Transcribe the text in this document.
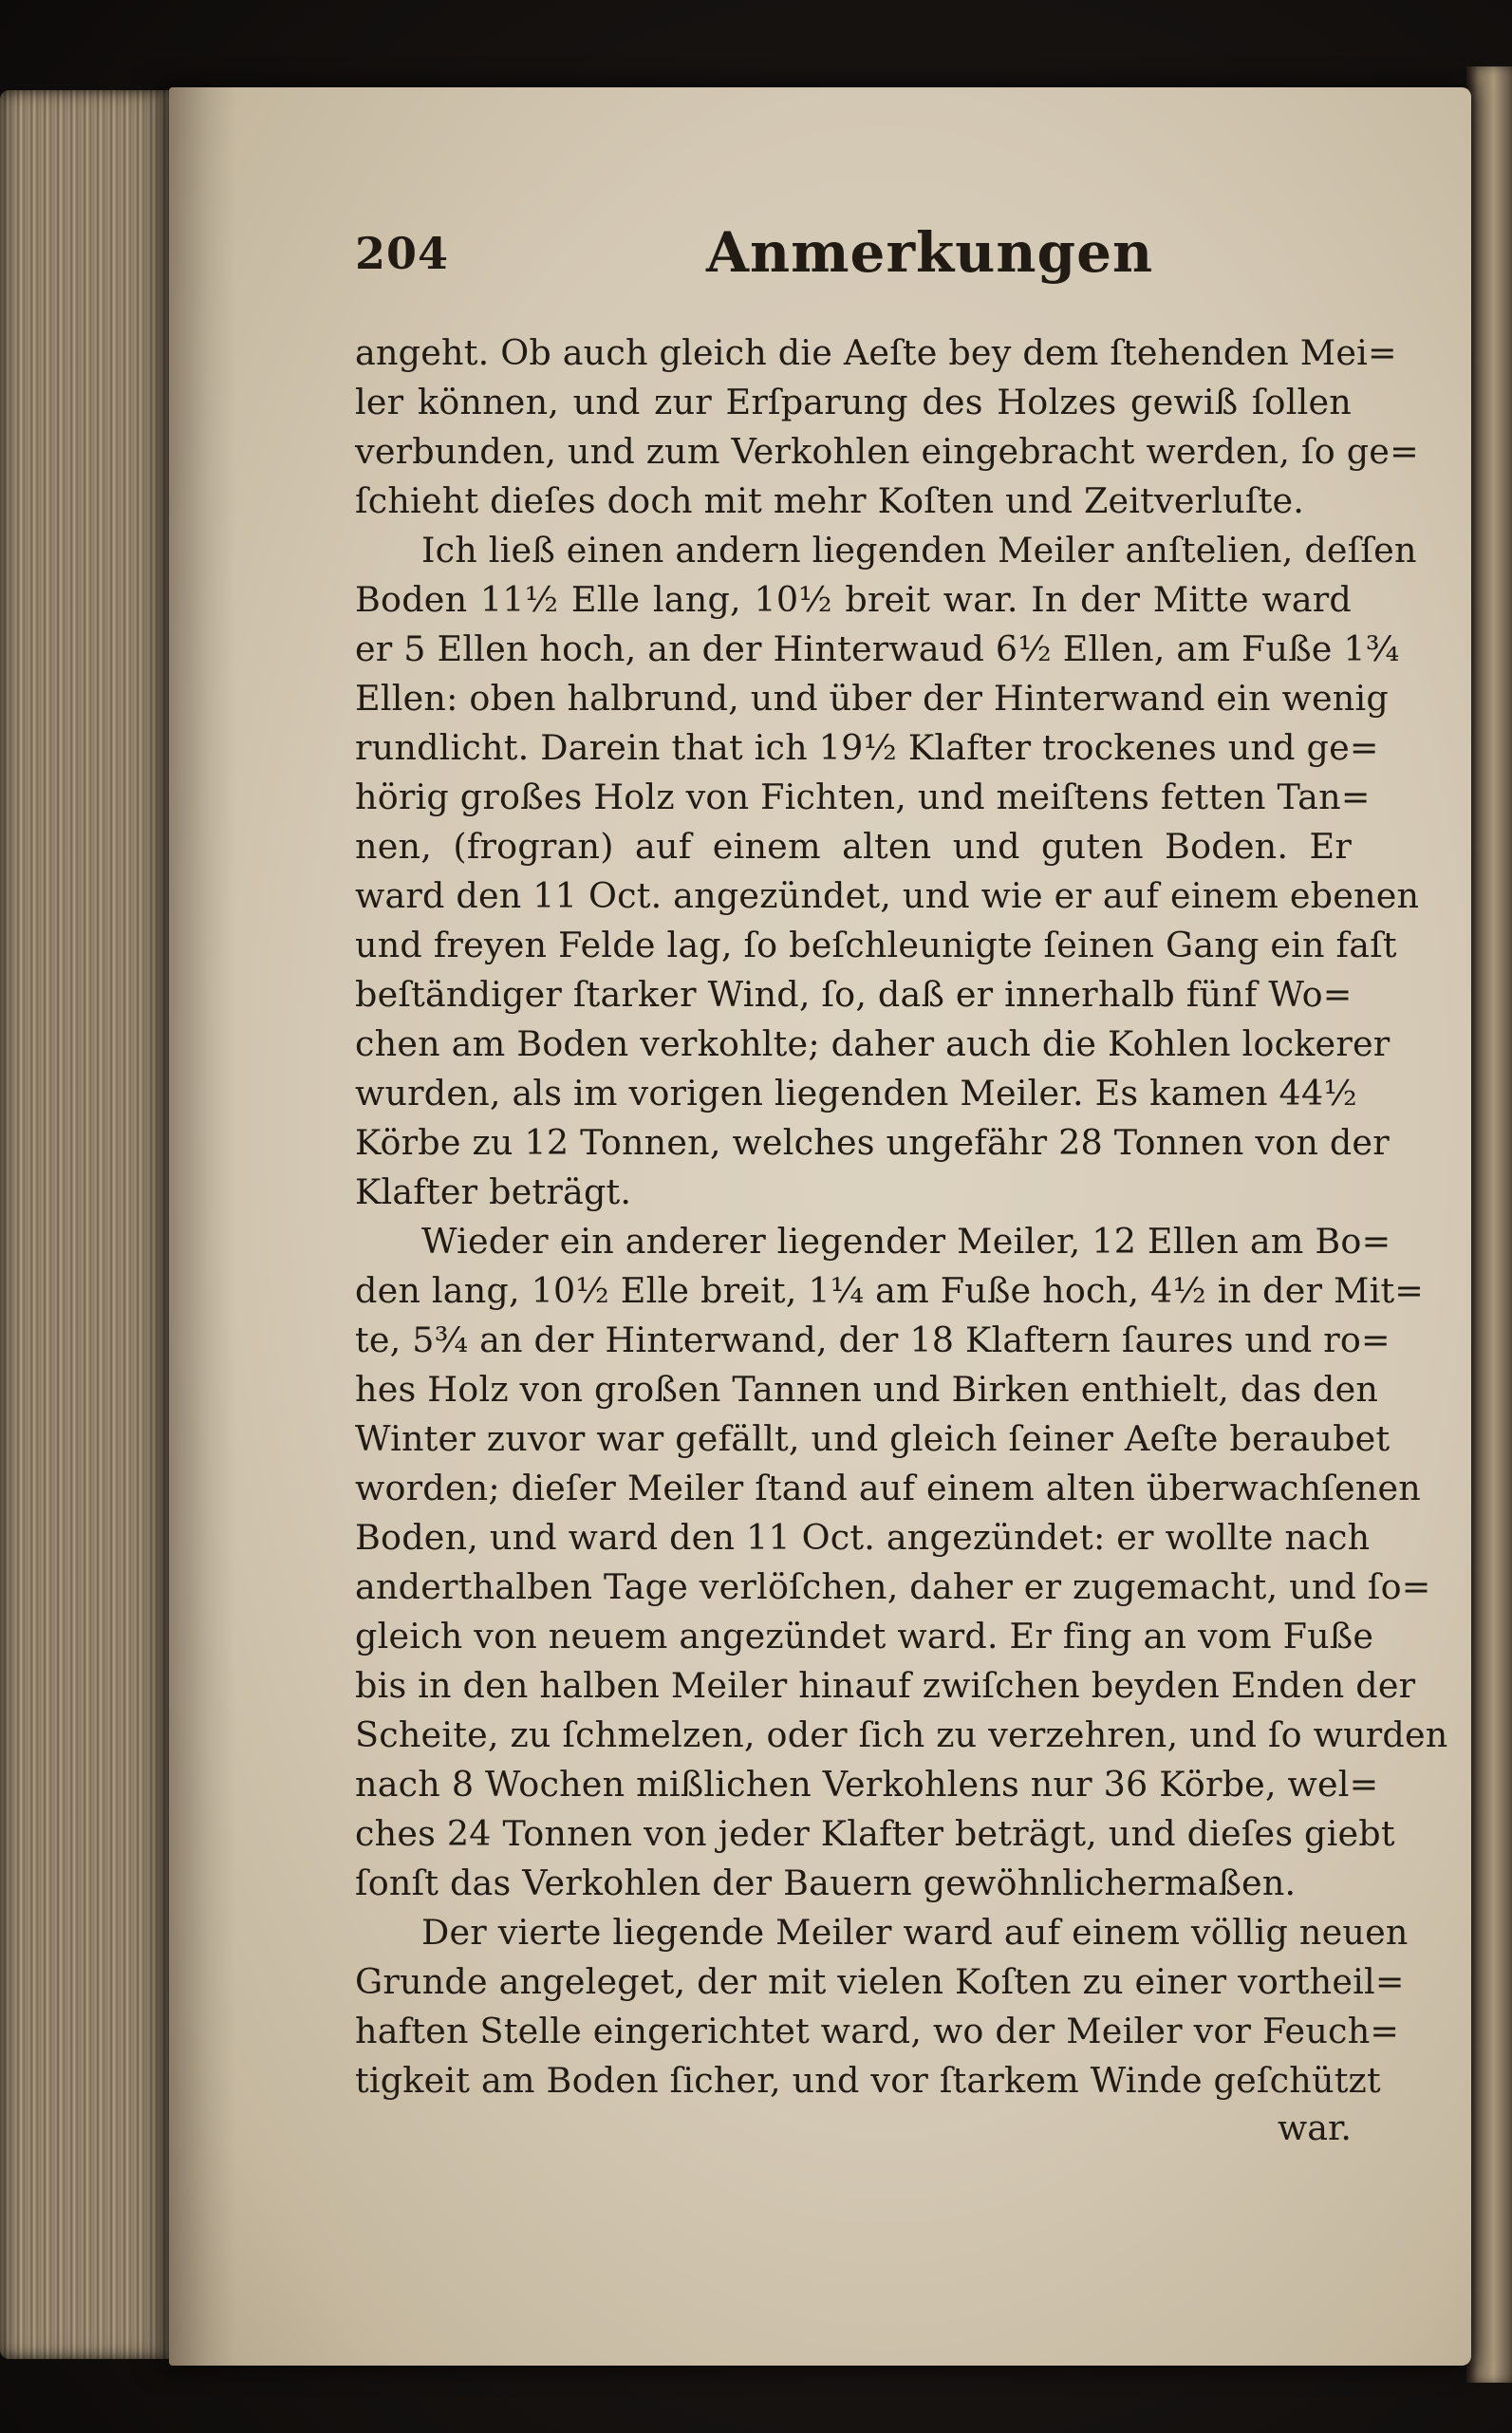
204	Anmerkungen
angeht. Ob auch gleich die Aeſte bey dem ſtehenden Mei=
ler können, und zur Erſparung des Holzes gewiß ſollen
verbunden, und zum Verkohlen eingebracht werden, ſo ge=
ſchieht dieſes doch mit mehr Koſten und Zeitverluſte.
Ich ließ einen andern liegenden Meiler anſtelien, deſſen
Boden 11½ Elle lang, 10½ breit war. In der Mitte ward
er 5 Ellen hoch, an der Hinterwaud 6½ Ellen, am Fuße 1¾
Ellen: oben halbrund, und über der Hinterwand ein wenig
rundlicht. Darein that ich 19½ Klafter trockenes und ge=
hörig großes Holz von Fichten, und meiſtens fetten Tan=
nen, (frogran) auf einem alten und guten Boden. Er
ward den 11 Oct. angezündet, und wie er auf einem ebenen
und freyen Felde lag, ſo beſchleunigte ſeinen Gang ein faſt
beſtändiger ſtarker Wind, ſo, daß er innerhalb fünf Wo=
chen am Boden verkohlte; daher auch die Kohlen lockerer
wurden, als im vorigen liegenden Meiler. Es kamen 44½
Körbe zu 12 Tonnen, welches ungefähr 28 Tonnen von der
Klafter beträgt.
Wieder ein anderer liegender Meiler, 12 Ellen am Bo=
den lang, 10½ Elle breit, 1¼ am Fuße hoch, 4½ in der Mit=
te, 5¾ an der Hinterwand, der 18 Klaftern ſaures und ro=
hes Holz von großen Tannen und Birken enthielt, das den
Winter zuvor war gefällt, und gleich ſeiner Aeſte beraubet
worden; dieſer Meiler ſtand auf einem alten überwachſenen
Boden, und ward den 11 Oct. angezündet: er wollte nach
anderthalben Tage verlöſchen, daher er zugemacht, und ſo=
gleich von neuem angezündet ward. Er fing an vom Fuße
bis in den halben Meiler hinauf zwiſchen beyden Enden der
Scheite, zu ſchmelzen, oder ſich zu verzehren, und ſo wurden
nach 8 Wochen mißlichen Verkohlens nur 36 Körbe, wel=
ches 24 Tonnen von jeder Klafter beträgt, und dieſes giebt
ſonſt das Verkohlen der Bauern gewöhnlichermaßen.
Der vierte liegende Meiler ward auf einem völlig neuen
Grunde angeleget, der mit vielen Koſten zu einer vortheil=
haften Stelle eingerichtet ward, wo der Meiler vor Feuch=
tigkeit am Boden ſicher, und vor ſtarkem Winde geſchützt
war.
